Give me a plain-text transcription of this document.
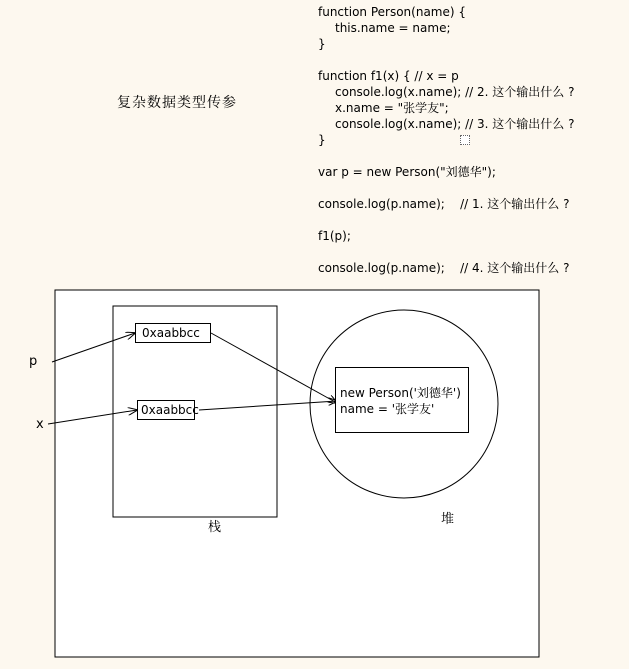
复杂数据类型传参
function Person(name) {
this.name = name;
}
function f1(x) { // x = p
console.log(x.name); // 2. 这个输出什么 ?
x.name = "张学友";
console.log(x.name); // 3. 这个输出什么 ?
}
var p = new Person("刘德华");
console.log(p.name);    // 1. 这个输出什么 ?
f1(p);
console.log(p.name);    // 4. 这个输出什么 ?
p
x
0xaabbcc
0xaabbcc
new Person('刘德华')
name = '张学友'
栈
堆
